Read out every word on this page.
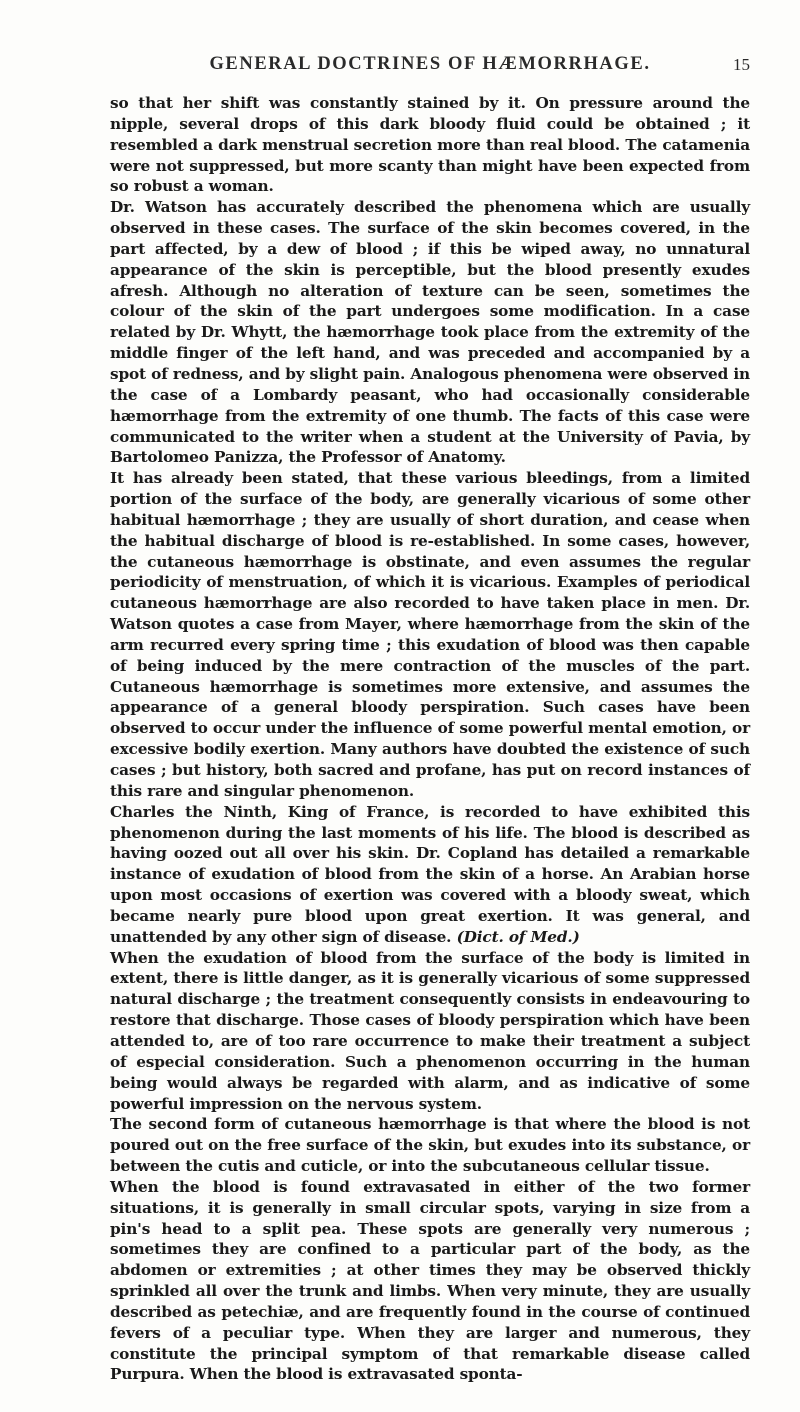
GENERAL DOCTRINES OF HÆMORRHAGE.	15

so that her shift was constantly stained by it. On pressure around the nipple, several drops of this dark bloody fluid could be obtained ; it resembled a dark menstrual secretion more than real blood. The catamenia were not suppressed, but more scanty than might have been expected from so robust a woman.

Dr. Watson has accurately described the phenomena which are usually observed in these cases. The surface of the skin becomes covered, in the part affected, by a dew of blood ; if this be wiped away, no unnatural appearance of the skin is perceptible, but the blood presently exudes afresh. Although no alteration of texture can be seen, sometimes the colour of the skin of the part undergoes some modification. In a case related by Dr. Whytt, the hæmorrhage took place from the extremity of the middle finger of the left hand, and was preceded and accompanied by a spot of redness, and by slight pain. Analogous phenomena were observed in the case of a Lombardy peasant, who had occasionally considerable hæmorrhage from the extremity of one thumb. The facts of this case were communicated to the writer when a student at the University of Pavia, by Bartolomeo Panizza, the Professor of Anatomy.

It has already been stated, that these various bleedings, from a limited portion of the surface of the body, are generally vicarious of some other habitual hæmorrhage ; they are usually of short duration, and cease when the habitual discharge of blood is re-established. In some cases, however, the cutaneous hæmorrhage is obstinate, and even assumes the regular periodicity of menstruation, of which it is vicarious. Examples of periodical cutaneous hæmorrhage are also recorded to have taken place in men. Dr. Watson quotes a case from Mayer, where hæmorrhage from the skin of the arm recurred every spring time ; this exudation of blood was then capable of being induced by the mere contraction of the muscles of the part. Cutaneous hæmorrhage is sometimes more extensive, and assumes the appearance of a general bloody perspiration. Such cases have been observed to occur under the influence of some powerful mental emotion, or excessive bodily exertion. Many authors have doubted the existence of such cases ; but history, both sacred and profane, has put on record instances of this rare and singular phenomenon.

Charles the Ninth, King of France, is recorded to have exhibited this phenomenon during the last moments of his life. The blood is described as having oozed out all over his skin. Dr. Copland has detailed a remarkable instance of exudation of blood from the skin of a horse. An Arabian horse upon most occasions of exertion was covered with a bloody sweat, which became nearly pure blood upon great exertion. It was general, and unattended by any other sign of disease. (Dict. of Med.)

When the exudation of blood from the surface of the body is limited in extent, there is little danger, as it is generally vicarious of some suppressed natural discharge ; the treatment consequently consists in endeavouring to restore that discharge. Those cases of bloody perspiration which have been attended to, are of too rare occurrence to make their treatment a subject of especial consideration. Such a phenomenon occurring in the human being would always be regarded with alarm, and as indicative of some powerful impression on the nervous system.

The second form of cutaneous hæmorrhage is that where the blood is not poured out on the free surface of the skin, but exudes into its substance, or between the cutis and cuticle, or into the subcutaneous cellular tissue.

When the blood is found extravasated in either of the two former situations, it is generally in small circular spots, varying in size from a pin's head to a split pea. These spots are generally very numerous ; sometimes they are confined to a particular part of the body, as the abdomen or extremities ; at other times they may be observed thickly sprinkled all over the trunk and limbs. When very minute, they are usually described as petechiæ, and are frequently found in the course of continued fevers of a peculiar type. When they are larger and numerous, they constitute the principal symptom of that remarkable disease called Purpura. When the blood is extravasated sponta-
